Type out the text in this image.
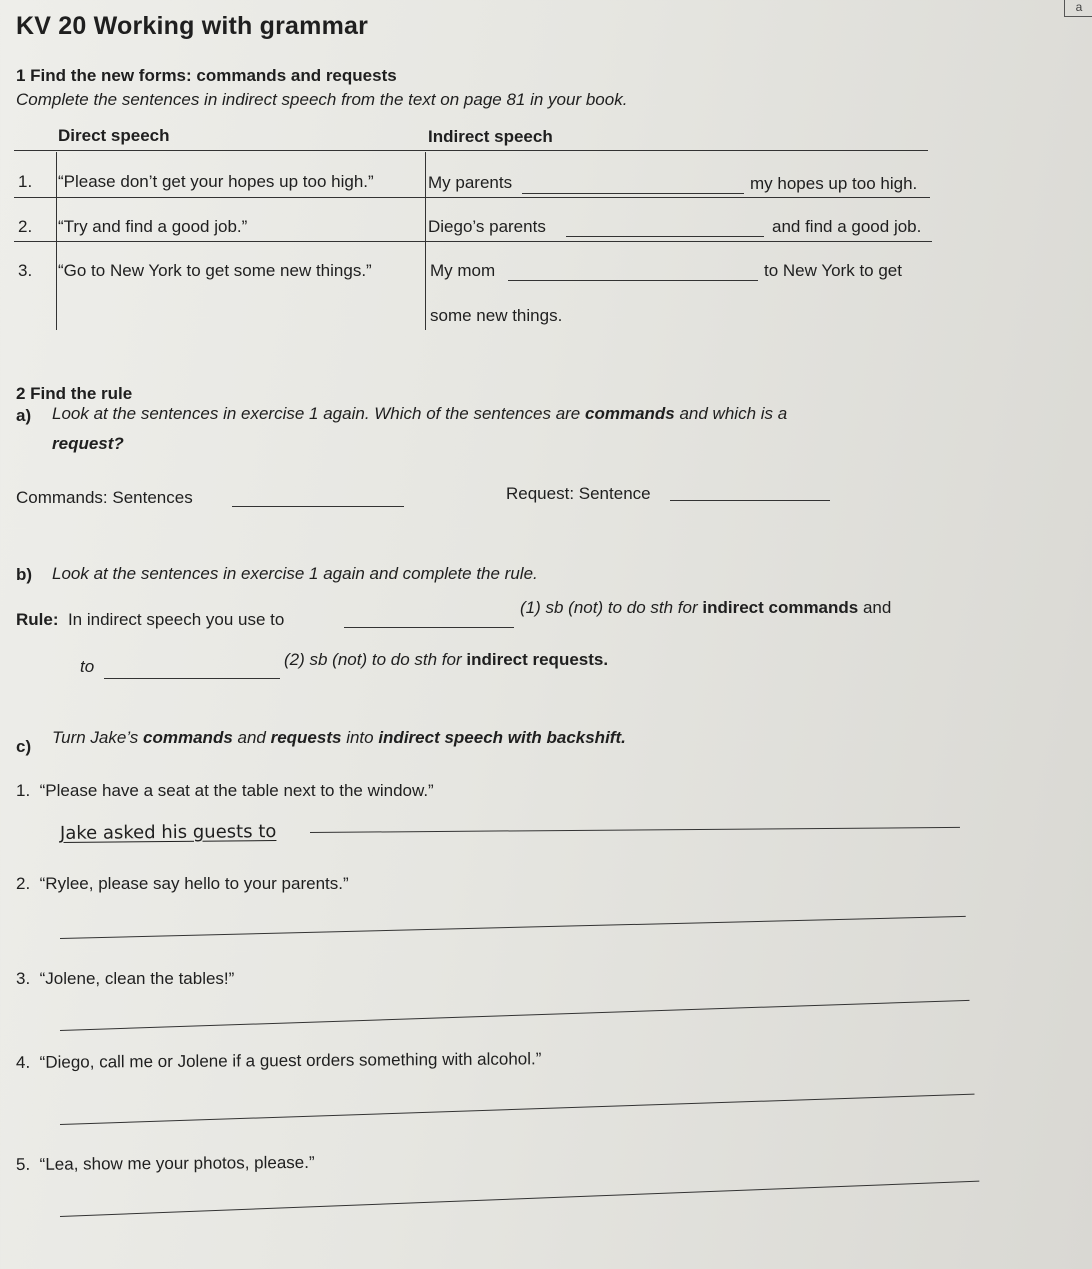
a
KV 20 Working with grammar
1 Find the new forms: commands and requests
Complete the sentences in indirect speech from the text on page 81 in your book.
Direct speech	Indirect speech
1. “Please don’t get your hopes up too high.”	My parents	my hopes up too high.
2. “Try and find a good job.”	Diego’s parents	and find a good job.
3. “Go to New York to get some new things.”	My mom	to New York to get
some new things.
2 Find the rule
a) Look at the sentences in exercise 1 again. Which of the sentences are commands and which is a
request?
Commands: Sentences	Request: Sentence
b) Look at the sentences in exercise 1 again and complete the rule.
Rule: In indirect speech you use to
(1) sb (not) to do sth for indirect commands and
to	(2) sb (not) to do sth for indirect requests.
c) Turn Jake’s commands and requests into indirect speech with backshift.
1. “Please have a seat at the table next to the window.”
Jake asked his guests to
2. “Rylee, please say hello to your parents.”
3. “Jolene, clean the tables!”
4. “Diego, call me or Jolene if a guest orders something with alcohol.”
5. “Lea, show me your photos, please.”
